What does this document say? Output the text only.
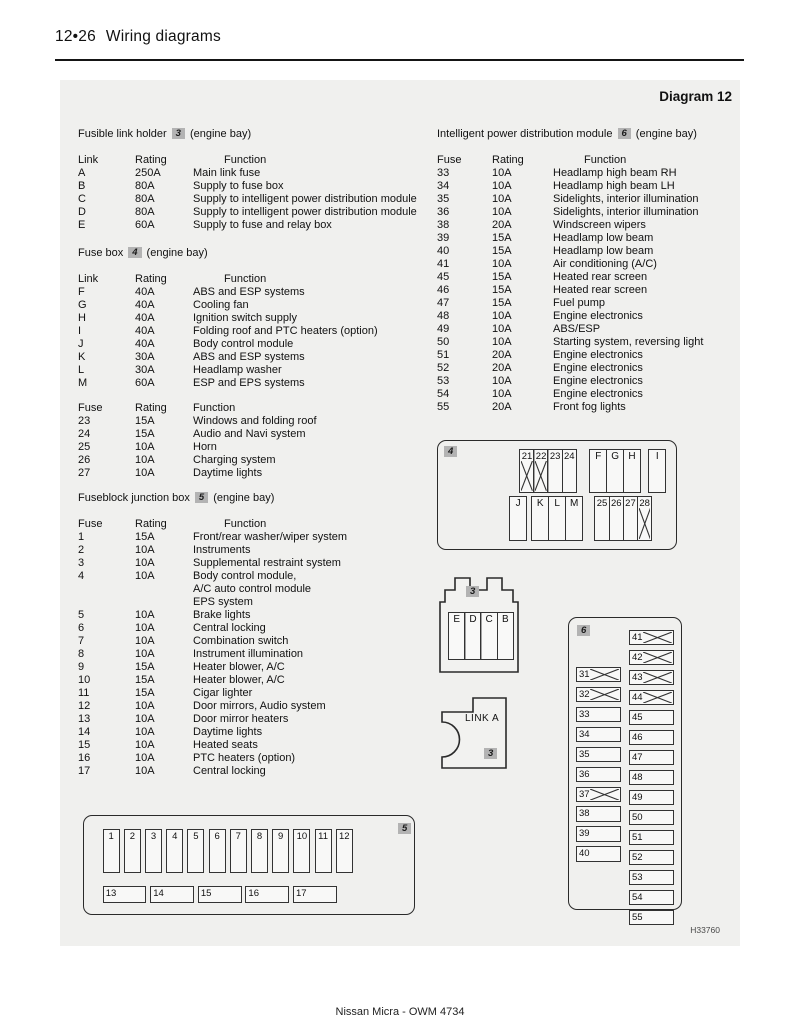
12•26 Wiring diagrams
Diagram 12
Fusible link holder 3 (engine bay)
Link	Rating	Function
A	250A	Main link fuse
B	80A	Supply to fuse box
C	80A	Supply to intelligent power distribution module
D	80A	Supply to intelligent power distribution module
E	60A	Supply to fuse and relay box
Fuse box 4 (engine bay)
Link	Rating	Function
F	40A	ABS and ESP systems
G	40A	Cooling fan
H	40A	Ignition switch supply
I	40A	Folding roof and PTC heaters (option)
J	40A	Body control module
K	30A	ABS and ESP systems
L	30A	Headlamp washer
M	60A	ESP and EPS systems
Fuse	Rating	Function
23	15A	Windows and folding roof
24	15A	Audio and Navi system
25	10A	Horn
26	10A	Charging system
27	10A	Daytime lights
Fuseblock junction box 5 (engine bay)
Fuse	Rating	Function
1	15A	Front/rear washer/wiper system
2	10A	Instruments
3	10A	Supplemental restraint system
4	10A	Body control module,
A/C auto control module
EPS system
5	10A	Brake lights
6	10A	Central locking
7	10A	Combination switch
8	10A	Instrument illumination
9	15A	Heater blower, A/C
10	15A	Heater blower, A/C
11	15A	Cigar lighter
12	10A	Door mirrors, Audio system
13	10A	Door mirror heaters
14	10A	Daytime lights
15	10A	Heated seats
16	10A	PTC heaters (option)
17	10A	Central locking
Intelligent power distribution module 6 (engine bay)
Fuse	Rating	Function
33	10A	Headlamp high beam RH
34	10A	Headlamp high beam LH
35	10A	Sidelights, interior illumination
36	10A	Sidelights, interior illumination
38	20A	Windscreen wipers
39	15A	Headlamp low beam
40	15A	Headlamp low beam
41	10A	Air conditioning (A/C)
45	15A	Heated rear screen
46	15A	Heated rear screen
47	15A	Fuel pump
48	10A	Engine electronics
49	10A	ABS/ESP
50	10A	Starting system, reversing light
51	20A	Engine electronics
52	20A	Engine electronics
53	10A	Engine electronics
54	10A	Engine electronics
55	20A	Front fog lights
4	21 22 23 24	F G H	I
J	K	L	M	25 26 27 28
3
E D C B
LINK A
3
6
31
32
33
34
35
36
37
38
39
40
41
42
43
44
45
46
47
48
49
50
51
52
53
54
55
5
1	2	3	4	5	6	7	8	9	10	11	12
13	14	15	16	17
H33760
Nissan Micra - OWM 4734
